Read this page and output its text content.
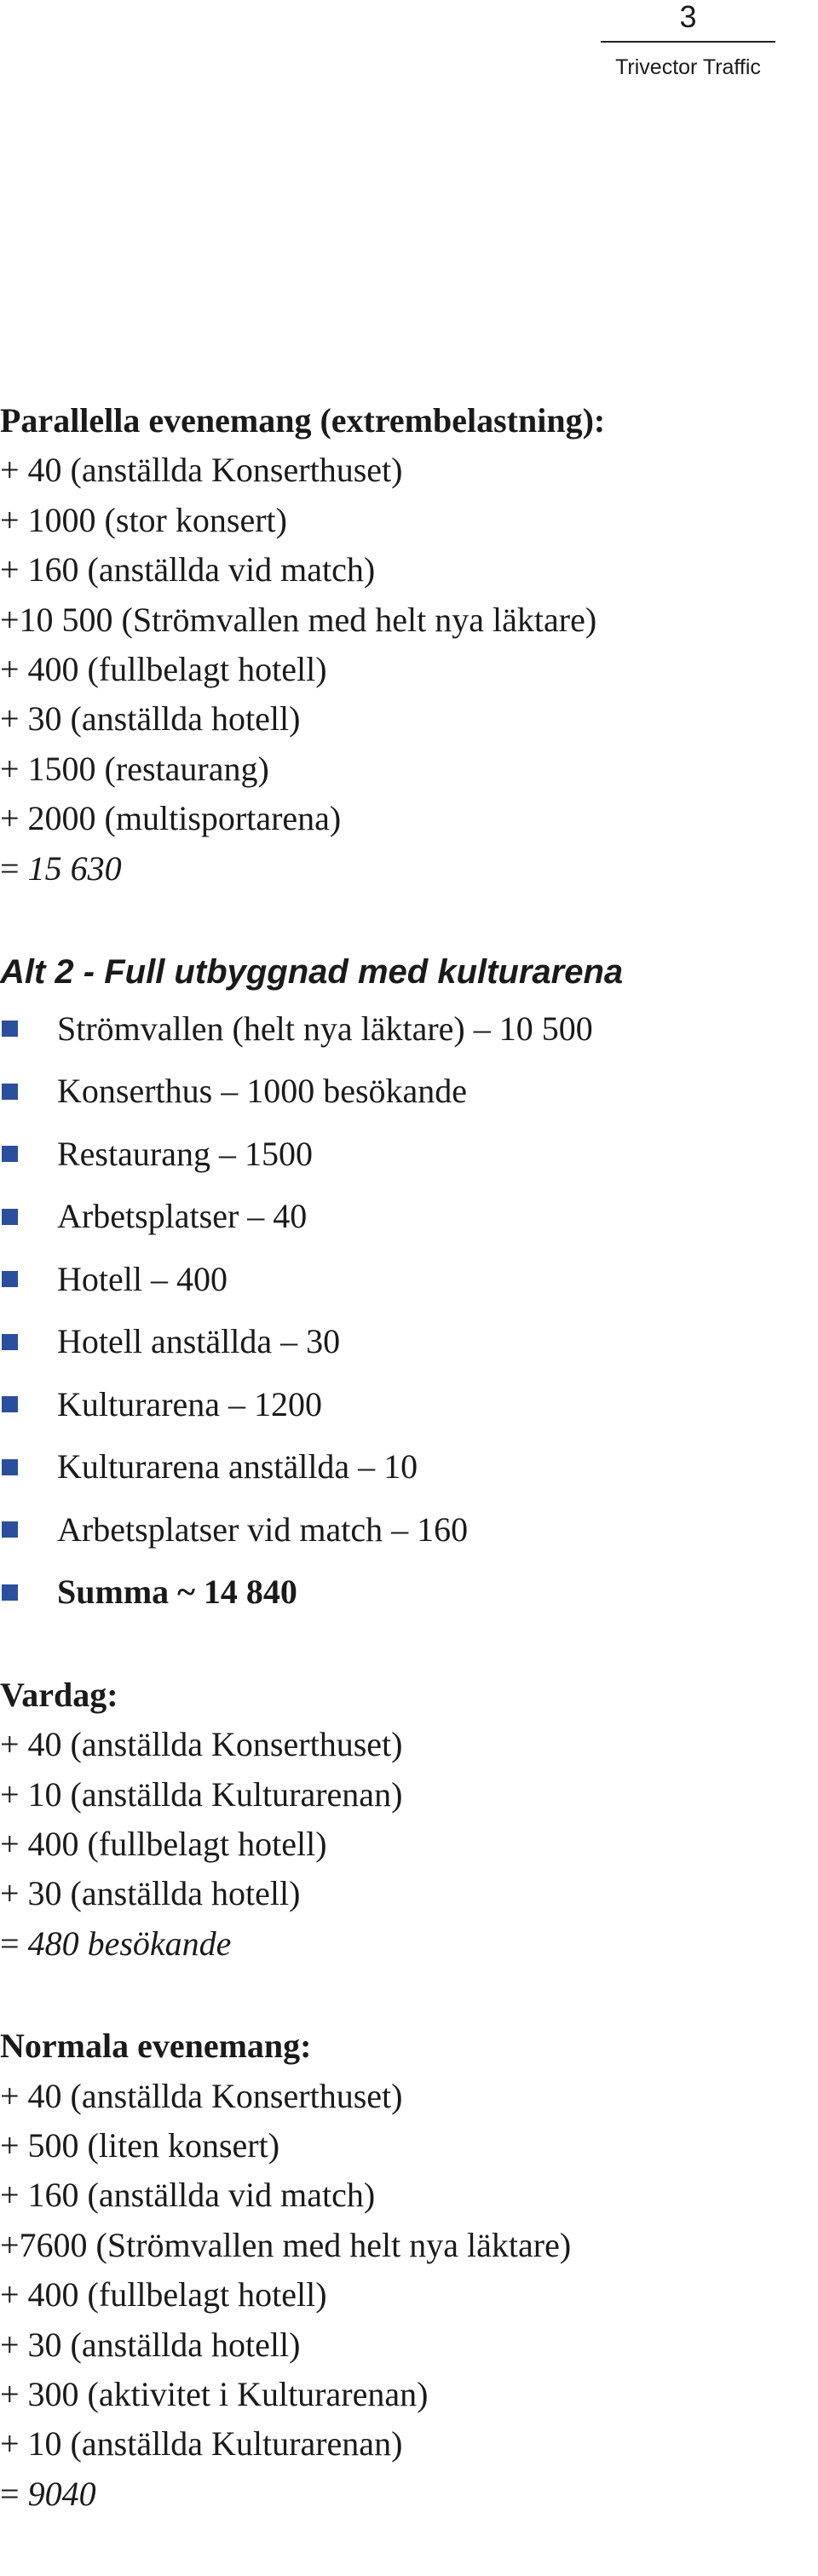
3
Trivector Traffic

Parallella evenemang (extrembelastning):

+ 40 (anställda Konserthuset)

+ 1000 (stor konsert)

+ 160 (anställda vid match)

+10 500 (Strömvallen med helt nya läktare)

+ 400 (fullbelagt hotell)

+ 30 (anställda hotell)

+ 1500 (restaurang)

+ 2000 (multisportarena)

= 15 630

Alt 2 - Full utbyggnad med kulturarena

Strömvallen (helt nya läktare) – 10 500
Konserthus – 1000 besökande
Restaurang – 1500
Arbetsplatser – 40
Hotell – 400
Hotell anställda – 30
Kulturarena – 1200
Kulturarena anställda – 10
Arbetsplatser vid match – 160
Summa ~ 14 840

Vardag:

+ 40 (anställda Konserthuset)

+ 10 (anställda Kulturarenan)

+ 400 (fullbelagt hotell)

+ 30 (anställda hotell)

= 480 besökande

Normala evenemang:

+ 40 (anställda Konserthuset)

+ 500 (liten konsert)

+ 160 (anställda vid match)

+7600 (Strömvallen med helt nya läktare)

+ 400 (fullbelagt hotell)

+ 30 (anställda hotell)

+ 300 (aktivitet i Kulturarenan)

+ 10 (anställda Kulturarenan)

= 9040
